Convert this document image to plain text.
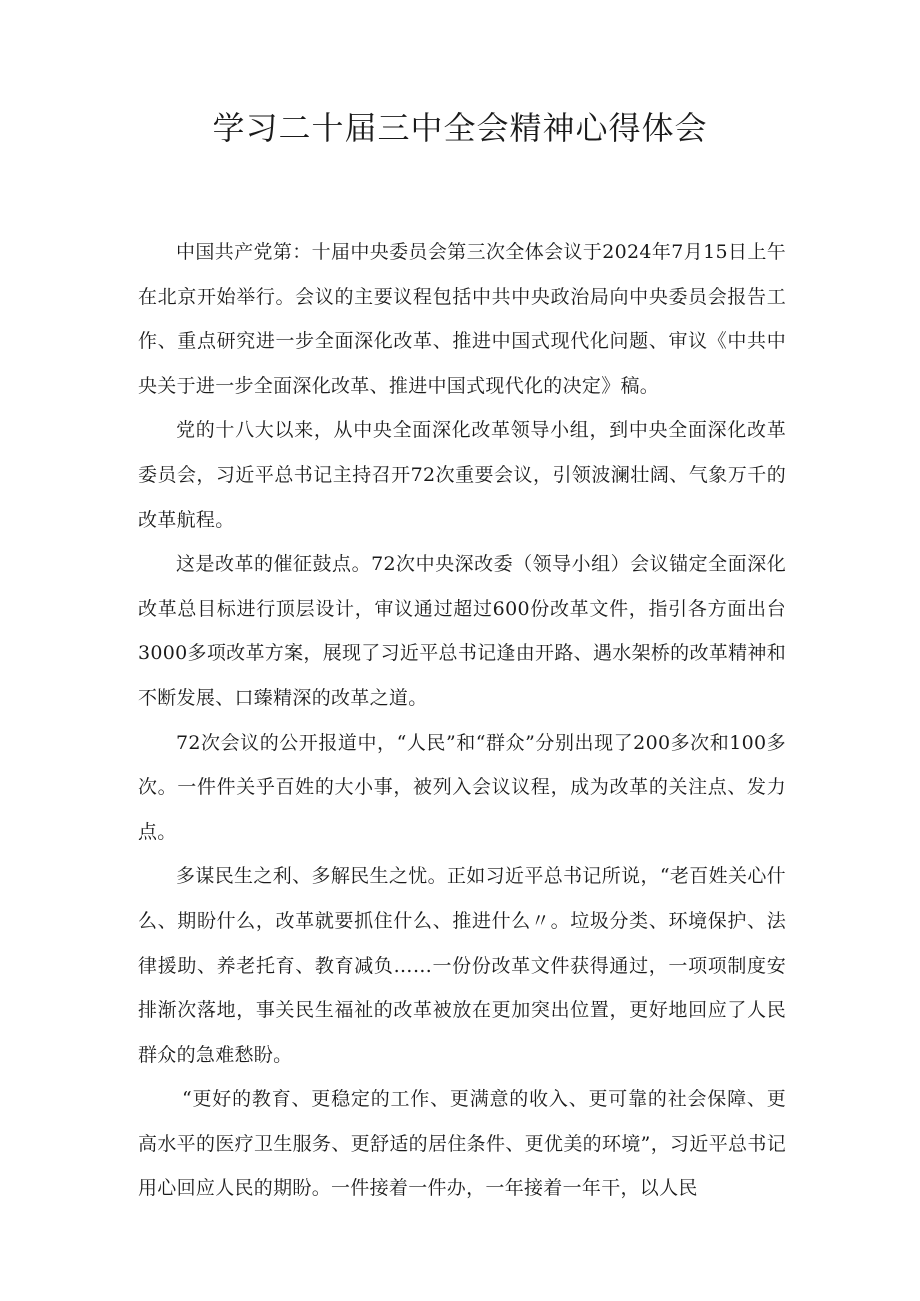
学习二十届三中全会精神心得体会

中国共产党第：十届中央委员会第三次全体会议于2024年7月15日上午在北京开始举行。会议的主要议程包括中共中央政治局向中央委员会报告工作、重点研究进一步全面深化改革、推进中国式现代化问题、审议《中共中央关于进一步全面深化改革、推进中国式现代化的决定》稿。

党的十八大以来，从中央全面深化改革领导小组，到中央全面深化改革委员会，习近平总书记主持召开72次重要会议，引领波澜壮阔、气象万千的改革航程。

这是改革的催征鼓点。72次中央深改委（领导小组）会议锚定全面深化改革总目标进行顶层设计，审议通过超过600份改革文件，指引各方面出台3000多项改革方案，展现了习近平总书记逢由开路、遇水架桥的改革精神和不断发展、口臻精深的改革之道。

72次会议的公开报道中，“人民”和“群众”分别出现了200多次和100多次。一件件关乎百姓的大小事，被列入会议议程，成为改革的关注点、发力点。

多谋民生之利、多解民生之忧。正如习近平总书记所说，“老百姓关心什么、期盼什么，改革就要抓住什么、推进什么〃。垃圾分类、环境保护、法律援助、养老托育、教育减负……一份份改革文件获得通过，一项项制度安排渐次落地，事关民生福祉的改革被放在更加突出位置，更好地回应了人民群众的急难愁盼。

“更好的教育、更稳定的工作、更满意的收入、更可靠的社会保障、更高水平的医疗卫生服务、更舒适的居住条件、更优美的环境”，习近平总书记用心回应人民的期盼。一件接着一件办，一年接着一年干，以人民
